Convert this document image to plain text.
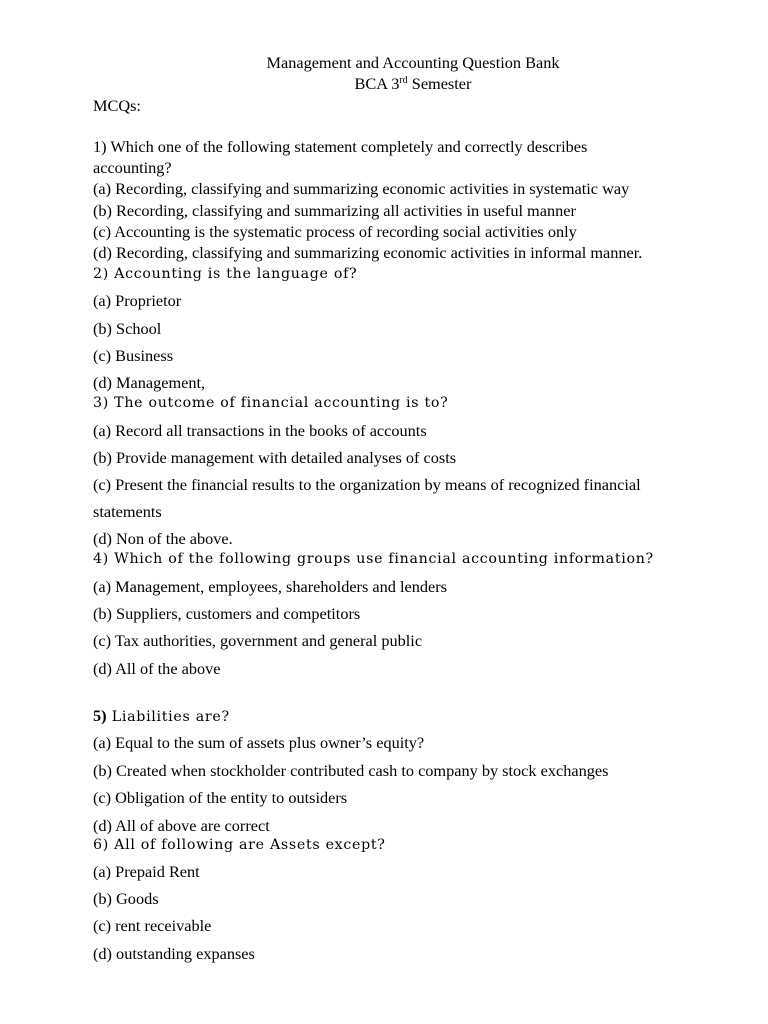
Management and Accounting Question Bank
BCA 3rd Semester
MCQs:
1) Which one of the following statement completely and correctly describes
accounting?
(a) Recording, classifying and summarizing economic activities in systematic way
(b) Recording, classifying and summarizing all activities in useful manner
(c) Accounting is the systematic process of recording social activities only
(d) Recording, classifying and summarizing economic activities in informal manner.
2) Accounting is the language of?
(a) Proprietor
(b) School
(c) Business
(d) Management,
3) The outcome of financial accounting is to?
(a) Record all transactions in the books of accounts
(b) Provide management with detailed analyses of costs
(c) Present the financial results to the organization by means of recognized financial
statements
(d) Non of the above.
4) Which of the following groups use financial accounting information?
(a) Management, employees, shareholders and lenders
(b) Suppliers, customers and competitors
(c) Tax authorities, government and general public
(d) All of the above
5) Liabilities are?
(a) Equal to the sum of assets plus owner’s equity?
(b) Created when stockholder contributed cash to company by stock exchanges
(c) Obligation of the entity to outsiders
(d) All of above are correct
6) All of following are Assets except?
(a) Prepaid Rent
(b) Goods
(c) rent receivable
(d) outstanding expanses
